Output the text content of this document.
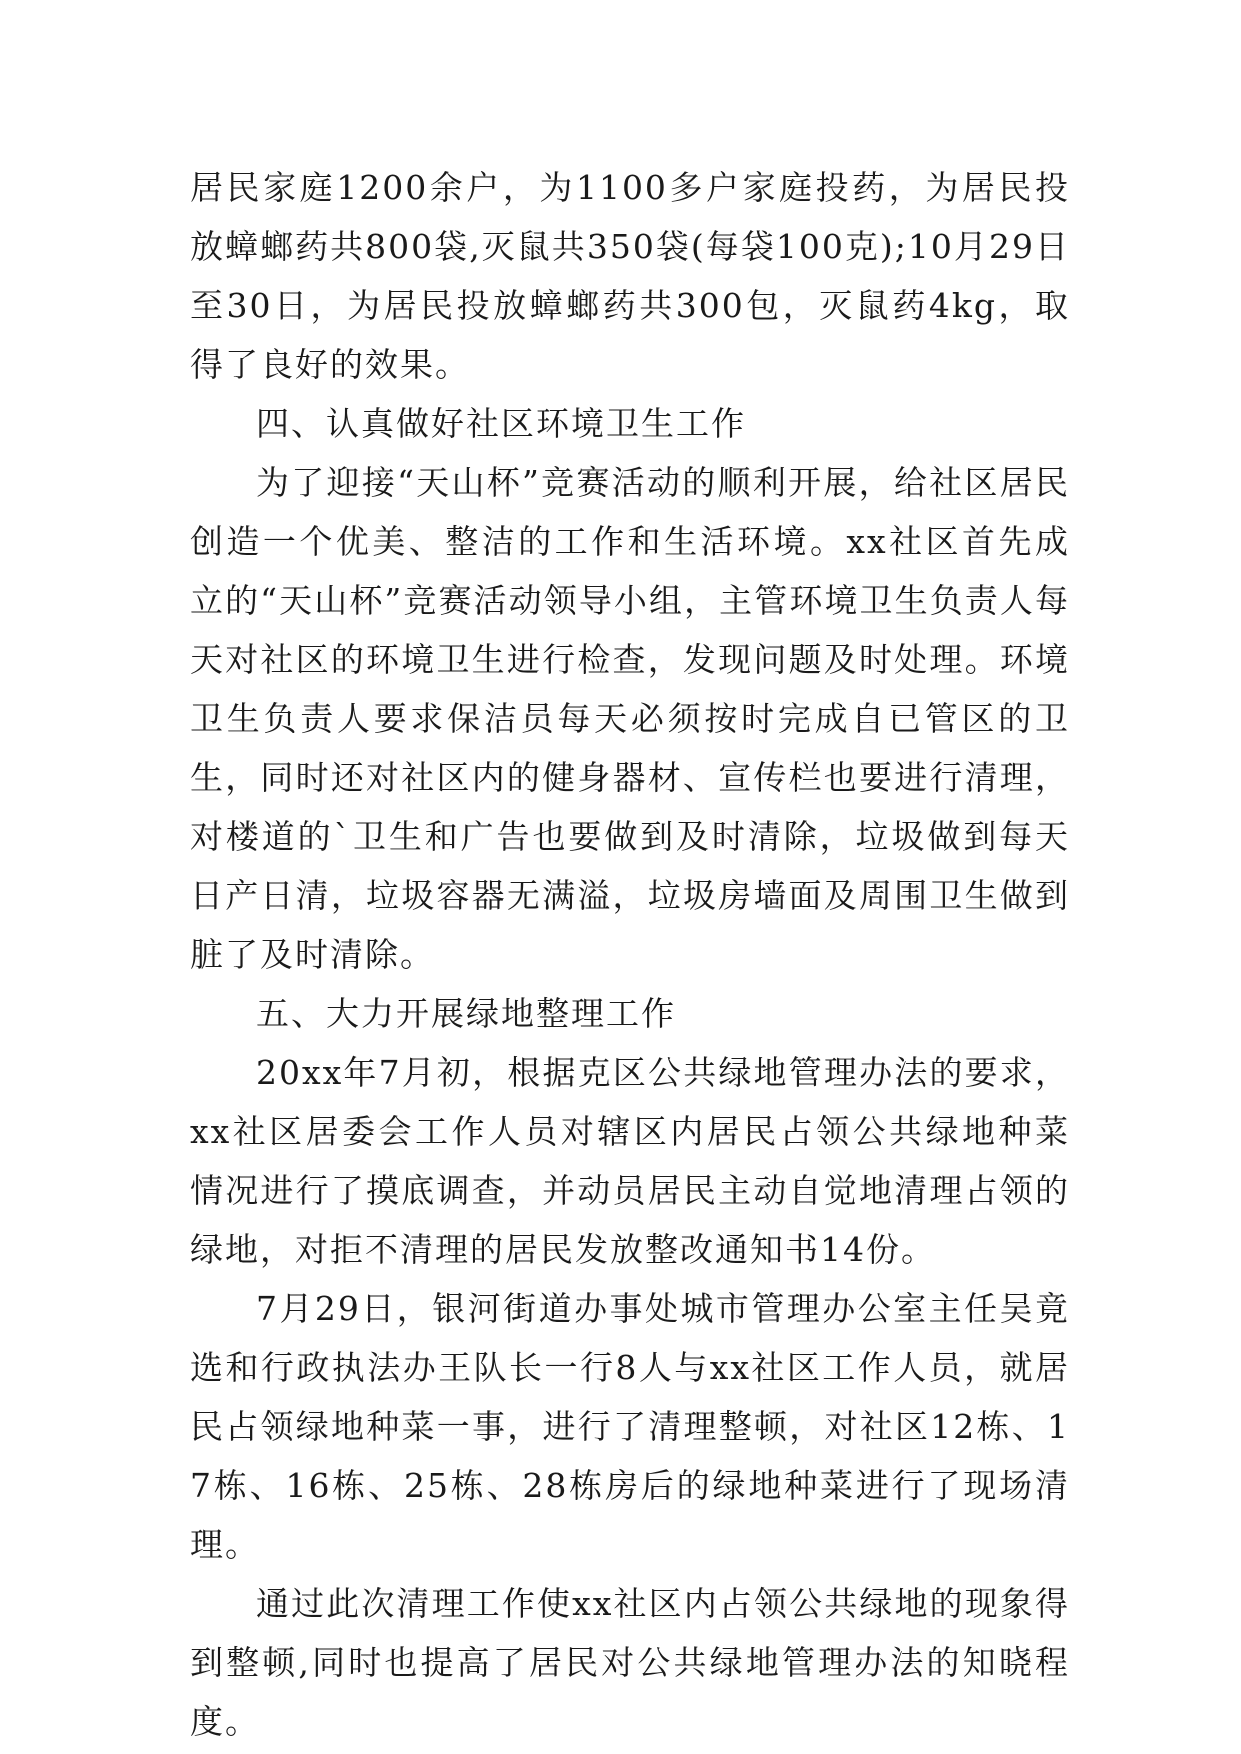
居民家庭1200余户，为1100多户家庭投药，为居民投放蟑螂药共800袋,灭鼠共350袋(每袋100克);10月29日至30日，为居民投放蟑螂药共300包，灭鼠药4kg，取得了良好的效果。

四、认真做好社区环境卫生工作

为了迎接“天山杯”竞赛活动的顺利开展，给社区居民创造一个优美、整洁的工作和生活环境。xx社区首先成立的“天山杯”竞赛活动领导小组，主管环境卫生负责人每天对社区的环境卫生进行检查，发现问题及时处理。环境卫生负责人要求保洁员每天必须按时完成自已管区的卫生，同时还对社区内的健身器材、宣传栏也要进行清理，对楼道的`卫生和广告也要做到及时清除，垃圾做到每天日产日清，垃圾容器无满溢，垃圾房墙面及周围卫生做到脏了及时清除。

五、大力开展绿地整理工作

20xx年7月初，根据克区公共绿地管理办法的要求，xx社区居委会工作人员对辖区内居民占领公共绿地种菜情况进行了摸底调查，并动员居民主动自觉地清理占领的绿地，对拒不清理的居民发放整改通知书14份。

7月29日，银河街道办事处城市管理办公室主任吴竟选和行政执法办王队长一行8人与xx社区工作人员，就居民占领绿地种菜一事，进行了清理整顿，对社区12栋、17栋、16栋、25栋、28栋房后的绿地种菜进行了现场清理。

通过此次清理工作使xx社区内占领公共绿地的现象得到整顿,同时也提高了居民对公共绿地管理办法的知晓程度。
